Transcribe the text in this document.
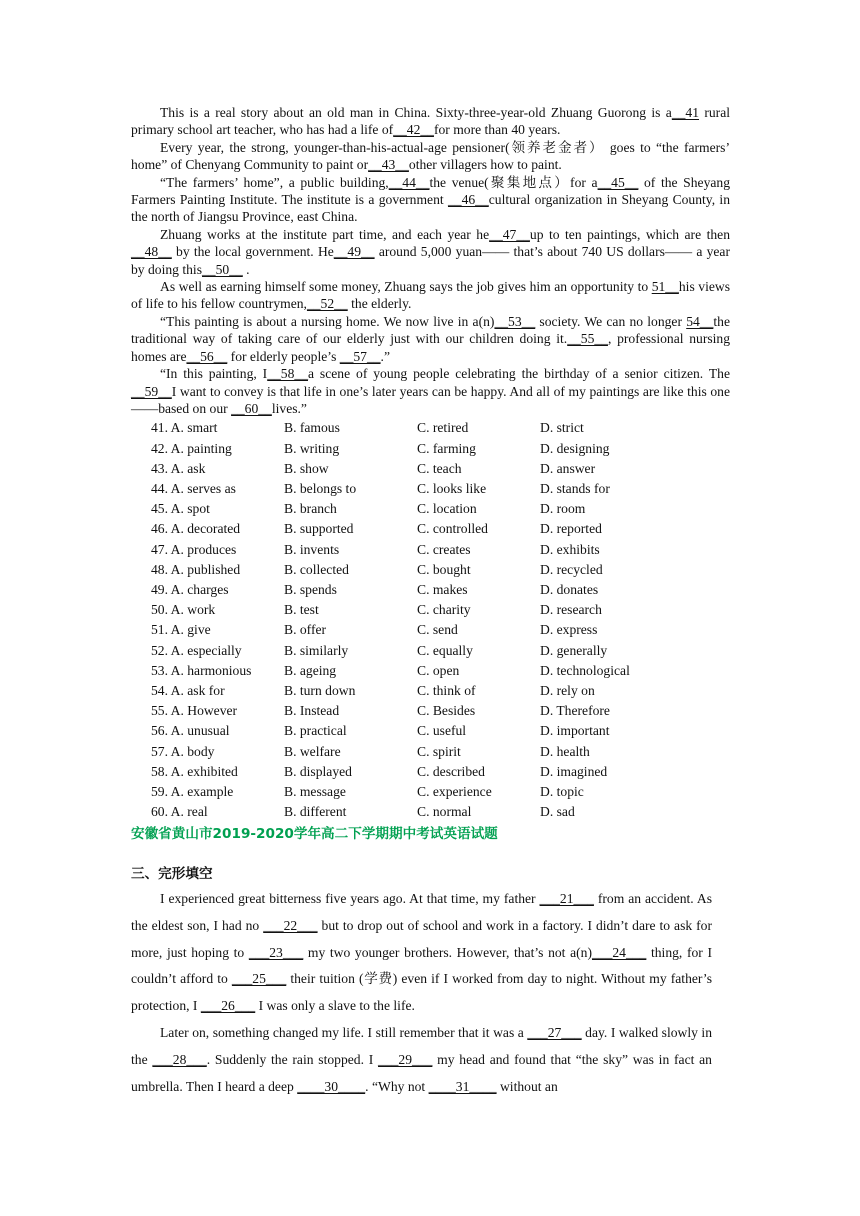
This is a real story about an old man in China. Sixty-three-year-old Zhuang Guorong is a__41 rural primary school art teacher, who has had a life of__42__for more than 40 years.

Every year, the strong, younger-than-his-actual-age pensioner(领养老金者） goes to “the farmers’ home” of Chenyang Community to paint or__43__other villagers how to paint.

“The farmers’ home”, a public building,__44__the venue(聚集地点）for a__45__ of the Sheyang Farmers Painting Institute. The institute is a government __46__cultural organization in Sheyang County, in the north of Jiangsu Province, east China.

Zhuang works at the institute part time, and each year he__47__up to ten paintings, which are then __48__ by the local government. He__49__ around 5,000 yuan—— that’s about 740 US dollars—— a year by doing this__50__ .

As well as earning himself some money, Zhuang says the job gives him an opportunity to 51__his views of life to his fellow countrymen,__52__ the elderly.

“This painting is about a nursing home. We now live in a(n)__53__ society. We can no longer 54__the traditional way of taking care of our elderly just with our children doing it.__55__, professional nursing homes are__56__ for elderly people’s __57__.”

“In this painting, I__58__a scene of young people celebrating the birthday of a senior citizen. The __59__I want to convey is that life in one’s later years can be happy. And all of my paintings are like this one——based on our __60__lives.”

41. A. smart	B. famous	C. retired	D. strict
42. A. painting	B. writing	C. farming	D. designing
43. A. ask	B. show	C. teach	D. answer
44. A. serves as	B. belongs to	C. looks like	D. stands for
45. A. spot	B. branch	C. location	D. room
46. A. decorated	B. supported	C. controlled	D. reported
47. A. produces	B. invents	C. creates	D. exhibits
48. A. published	B. collected	C. bought	D. recycled
49. A. charges	B. spends	C. makes	D. donates
50. A. work	B. test	C. charity	D. research
51. A. give	B. offer	C. send	D. express
52. A. especially	B. similarly	C. equally	D. generally
53. A. harmonious	B. ageing	C. open	D. technological
54. A. ask for	B. turn down	C. think of	D. rely on
55. A. However	B. Instead	C. Besides	D. Therefore
56. A. unusual	B. practical	C. useful	D. important
57. A. body	B. welfare	C. spirit	D. health
58. A. exhibited	B. displayed	C. described	D. imagined
59. A. example	B. message	C. experience	D. topic
60. A. real	B. different	C. normal	D. sad
安徽省黄山市2019-2020学年高二下学期期中考试英语试题
三、完形填空

I experienced great bitterness five years ago. At that time, my father ___21___ from an accident. As the eldest son, I had no ___22___ but to drop out of school and work in a factory. I didn’t dare to ask for more, just hoping to ___23___ my two younger brothers. However, that’s not a(n)___24___ thing, for I couldn’t afford to ___25___ their tuition (学费) even if I worked from day to night. Without my father’s protection, I ___26___ I was only a slave to the life.

Later on, something changed my life. I still remember that it was a ___27___ day. I walked slowly in the ___28___. Suddenly the rain stopped. I ___29___ my head and found that “the sky” was in fact an umbrella. Then I heard a deep ____30____. “Why not ____31____ without an
